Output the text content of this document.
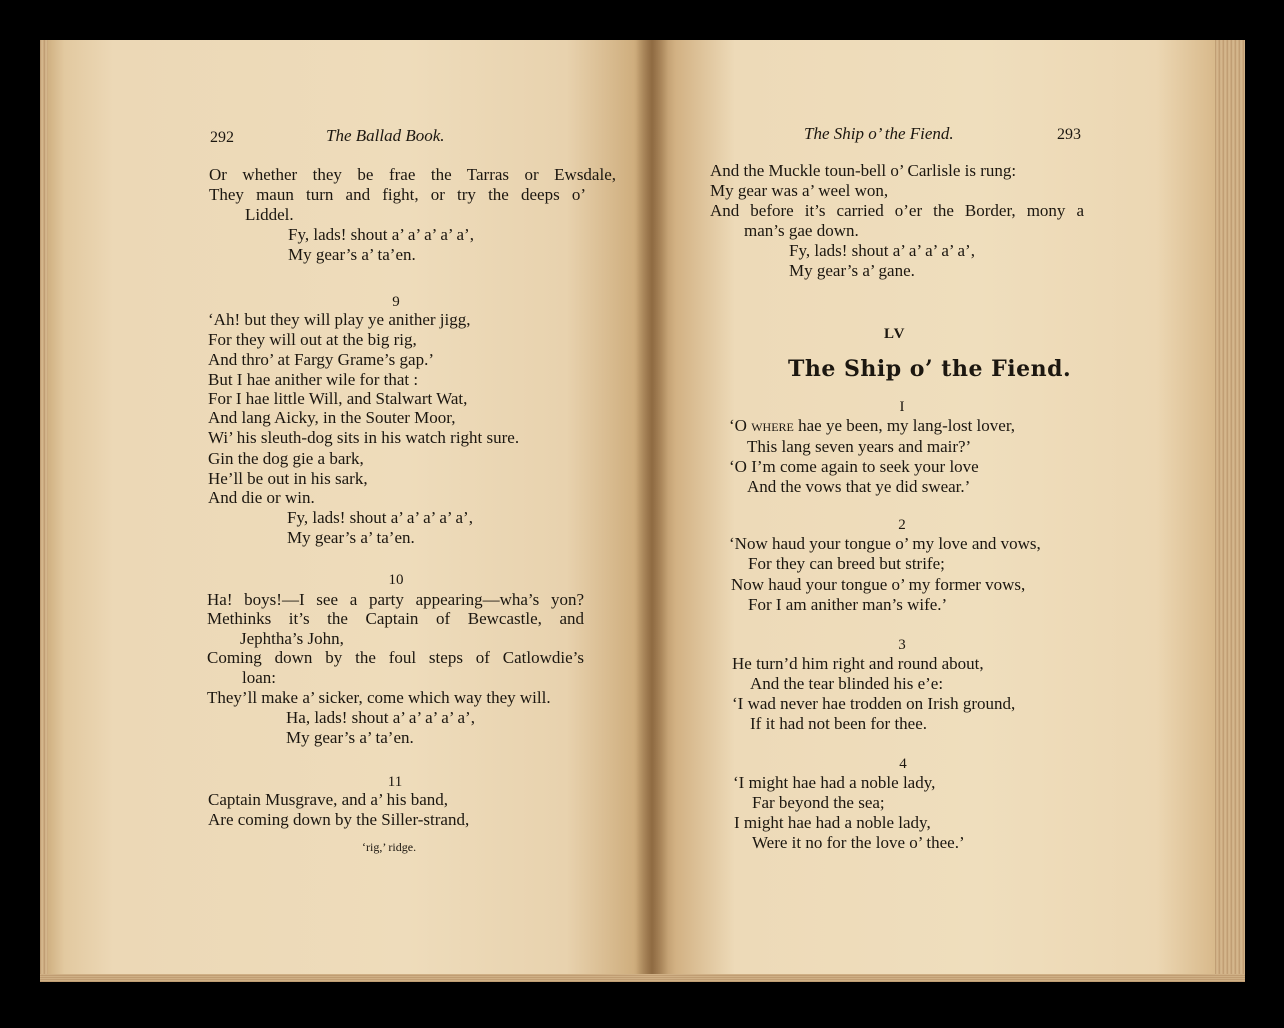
292	The Ballad Book.
Or whether they be frae the Tarras or Ewsdale,
They maun turn and fight, or try the deeps o’
Liddel.
Fy, lads! shout a’ a’ a’ a’ a’,
My gear’s a’ ta’en.
9
‘Ah! but they will play ye anither jigg,
For they will out at the big rig,
And thro’ at Fargy Grame’s gap.’
But I hae anither wile for that :
For I hae little Will, and Stalwart Wat,
And lang Aicky, in the Souter Moor,
Wi’ his sleuth-dog sits in his watch right sure.
Gin the dog gie a bark,
He’ll be out in his sark,
And die or win.
Fy, lads! shout a’ a’ a’ a’ a’,
My gear’s a’ ta’en.
10
Ha! boys!—I see a party appearing—wha’s yon?
Methinks it’s the Captain of Bewcastle, and
Jephtha’s John,
Coming down by the foul steps of Catlowdie’s
loan:
They’ll make a’ sicker, come which way they will.
Ha, lads! shout a’ a’ a’ a’ a’,
My gear’s a’ ta’en.
11
Captain Musgrave, and a’ his band,
Are coming down by the Siller-strand,
‘rig,’ ridge.
The Ship o’ the Fiend.	293
And the Muckle toun-bell o’ Carlisle is rung:
My gear was a’ weel won,
And before it’s carried o’er the Border, mony a
man’s gae down.
Fy, lads! shout a’ a’ a’ a’ a’,
My gear’s a’ gane.
LV
The Ship o’ the Fiend.
I
‘O where hae ye been, my lang-lost lover,
This lang seven years and mair?’
‘O I’m come again to seek your love
And the vows that ye did swear.’
2
‘Now haud your tongue o’ my love and vows,
For they can breed but strife;
Now haud your tongue o’ my former vows,
For I am anither man’s wife.’
3
He turn’d him right and round about,
And the tear blinded his e’e:
‘I wad never hae trodden on Irish ground,
If it had not been for thee.
4
‘I might hae had a noble lady,
Far beyond the sea;
I might hae had a noble lady,
Were it no for the love o’ thee.’
